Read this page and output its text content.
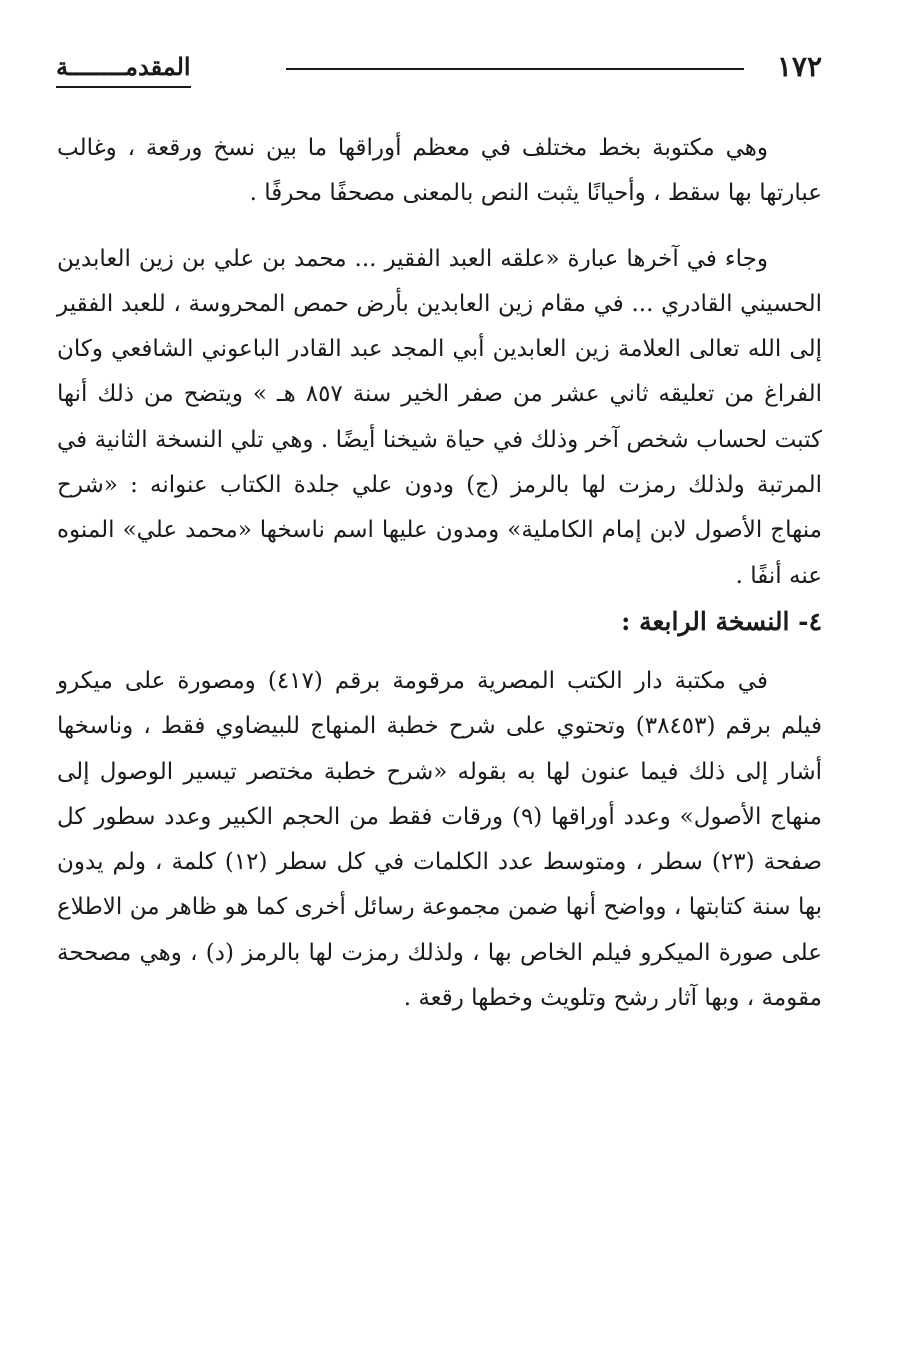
١٧٢
المقدمــــــــة

وهي مكتوبة بخط مختلف في معظم أوراقها ما بين نسخ ورقعة ، وغالب عبارتها بها سقط ، وأحيانًا يثبت النص بالمعنى مصحفًا محرفًا .

وجاء في آخرها عبارة «علقه العبد الفقير ... محمد بن علي بن زين العابدين الحسيني القادري ... في مقام زين العابدين بأرض حمص المحروسة ، للعبد الفقير إلى الله تعالى العلامة زين العابدين أبي المجد عبد القادر الباعوني الشافعي وكان الفراغ من تعليقه ثاني عشر من صفر الخير سنة ٨٥٧ هـ » ويتضح من ذلك أنها كتبت لحساب شخص آخر وذلك في حياة شيخنا أيضًا . وهي تلي النسخة الثانية في المرتبة ولذلك رمزت لها بالرمز (ج) ودون علي جلدة الكتاب عنوانه : «شرح منهاج الأصول لابن إمام الكاملية» ومدون عليها اسم ناسخها «محمد علي» المنوه عنه أنفًا .

٤- النسخة الرابعة :

في مكتبة دار الكتب المصرية مرقومة برقم (٤١٧) ومصورة على ميكرو فيلم برقم (٣٨٤٥٣) وتحتوي على شرح خطبة المنهاج للبيضاوي فقط ، وناسخها أشار إلى ذلك فيما عنون لها به بقوله «شرح خطبة مختصر تيسير الوصول إلى منهاج الأصول» وعدد أوراقها (٩) ورقات فقط من الحجم الكبير وعدد سطور كل صفحة (٢٣) سطر ، ومتوسط عدد الكلمات في كل سطر (١٢) كلمة ، ولم يدون بها سنة كتابتها ، وواضح أنها ضمن مجموعة رسائل أخرى كما هو ظاهر من الاطلاع على صورة الميكرو فيلم الخاص بها ، ولذلك رمزت لها بالرمز (د) ، وهي مصححة مقومة ، وبها آثار رشح وتلويث وخطها رقعة .
